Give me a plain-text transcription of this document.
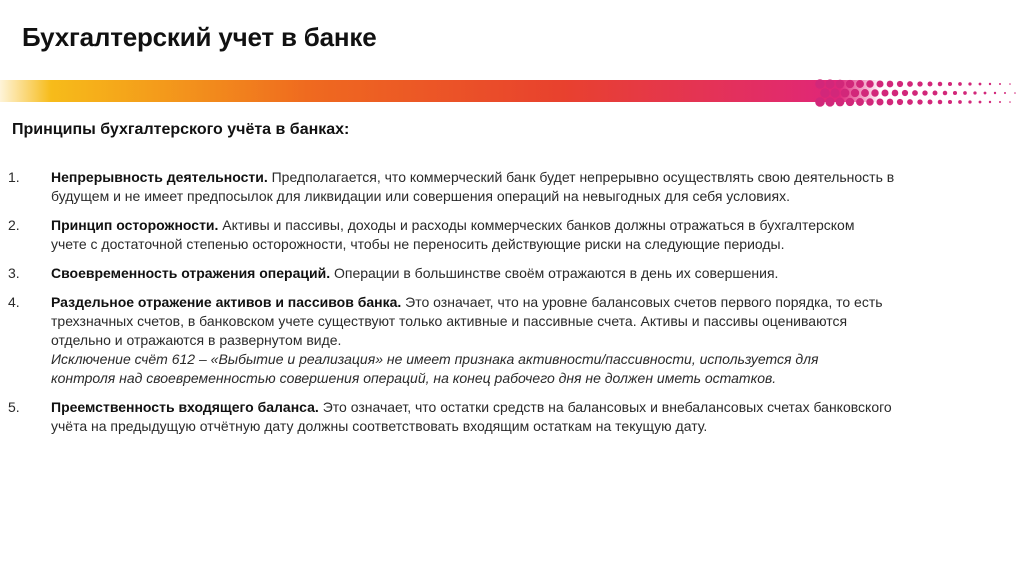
Бухгалтерский учет в банке
Принципы бухгалтерского учёта в банках:
1. Непрерывность деятельности. Предполагается, что коммерческий банк будет непрерывно осуществлять свою деятельность в
будущем и не имеет предпосылок для ликвидации или совершения операций на невыгодных для себя условиях.
2. Принцип осторожности. Активы и пассивы, доходы и расходы коммерческих банков должны отражаться в бухгалтерском
учете с достаточной степенью осторожности, чтобы не переносить действующие риски на следующие периоды.
3. Своевременность отражения операций. Операции в большинстве своём отражаются в день их совершения.
4. Раздельное отражение активов и пассивов банка. Это означает, что на уровне балансовых счетов первого порядка, то есть
трехзначных счетов, в банковском учете существуют только активные и пассивные счета. Активы и пассивы оцениваются
отдельно и отражаются в развернутом виде.
Исключение счёт 612 – «Выбытие и реализация» не имеет признака активности/пассивности, используется для
контроля над своевременностью совершения операций, на конец рабочего дня не должен иметь остатков.
5. Преемственность входящего баланса. Это означает, что остатки средств на балансовых и внебалансовых счетах банковского
учёта на предыдущую отчётную дату должны соответствовать входящим остаткам на текущую дату.
